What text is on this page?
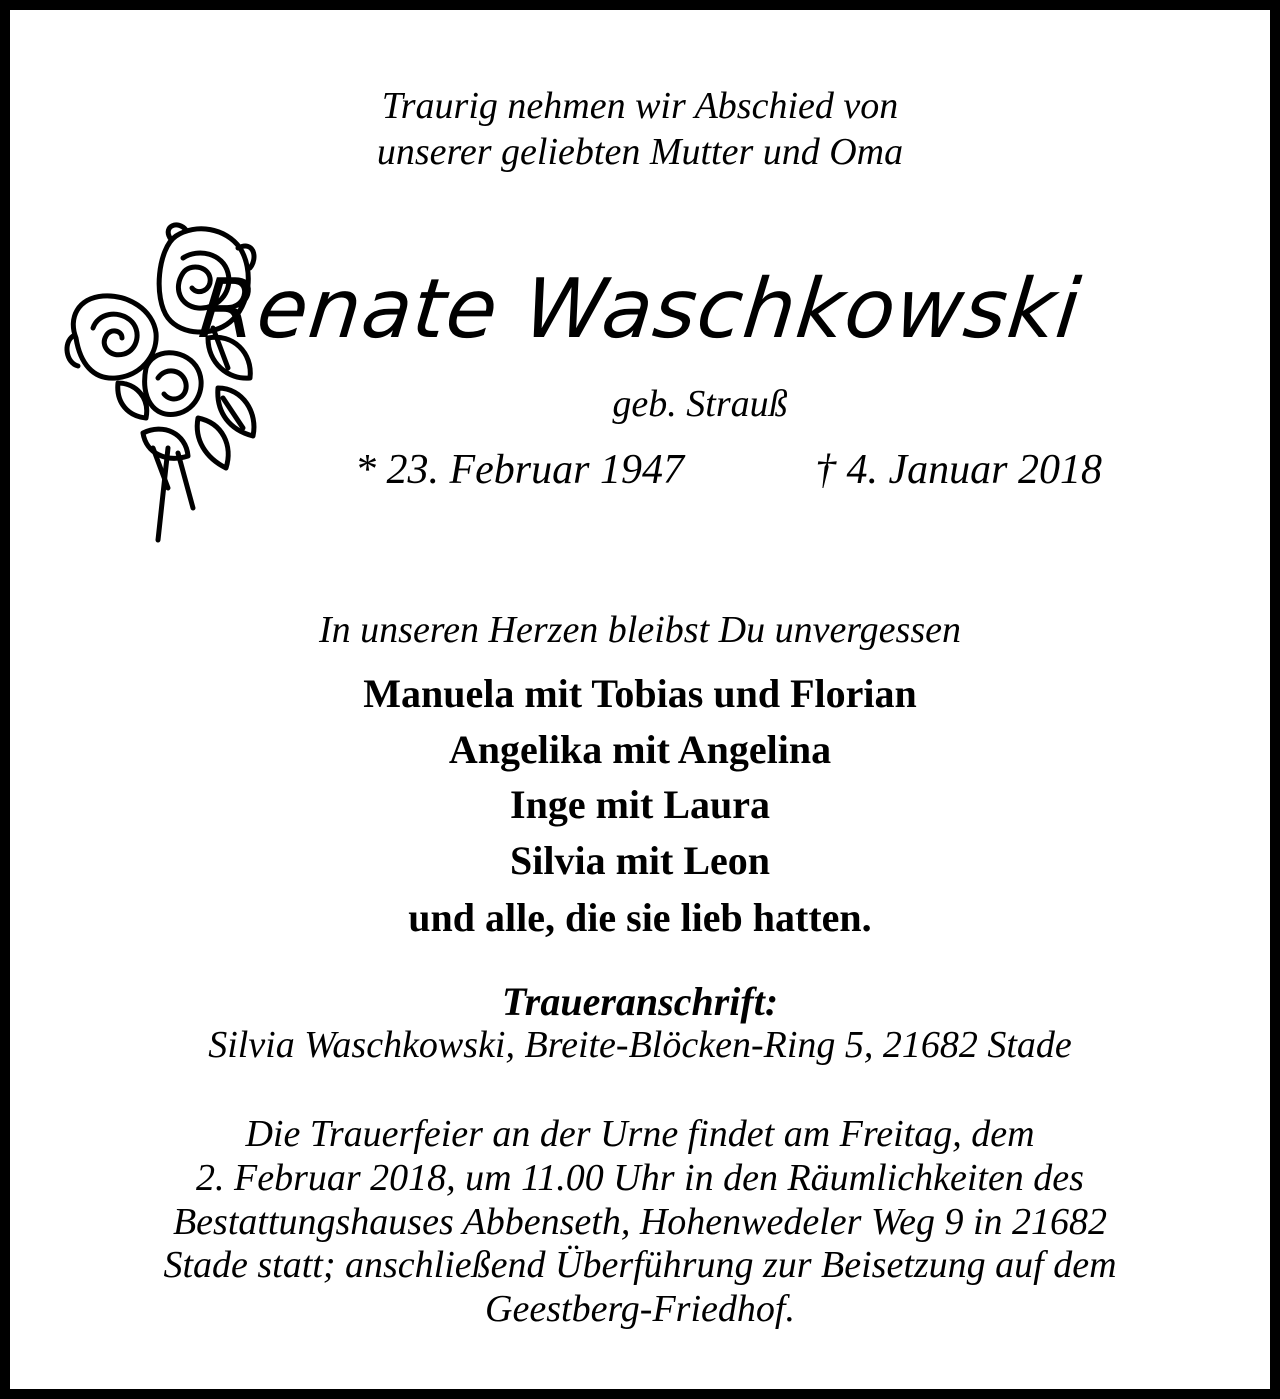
Traurig nehmen wir Abschied von
unserer geliebten Mutter und Oma
Renate Waschkowski
geb. Strauß
* 23. Februar 1947	† 4. Januar 2018
In unseren Herzen bleibst Du unvergessen
Manuela mit Tobias und Florian
Angelika mit Angelina
Inge mit Laura
Silvia mit Leon
und alle, die sie lieb hatten.
Traueranschrift:
Silvia Waschkowski, Breite-Blöcken-Ring 5, 21682 Stade
Die Trauerfeier an der Urne findet am Freitag, dem
2. Februar 2018, um 11.00 Uhr in den Räumlichkeiten des
Bestattungshauses Abbenseth, Hohenwedeler Weg 9 in 21682
Stade statt; anschließend Überführung zur Beisetzung auf dem
Geestberg-Friedhof.
